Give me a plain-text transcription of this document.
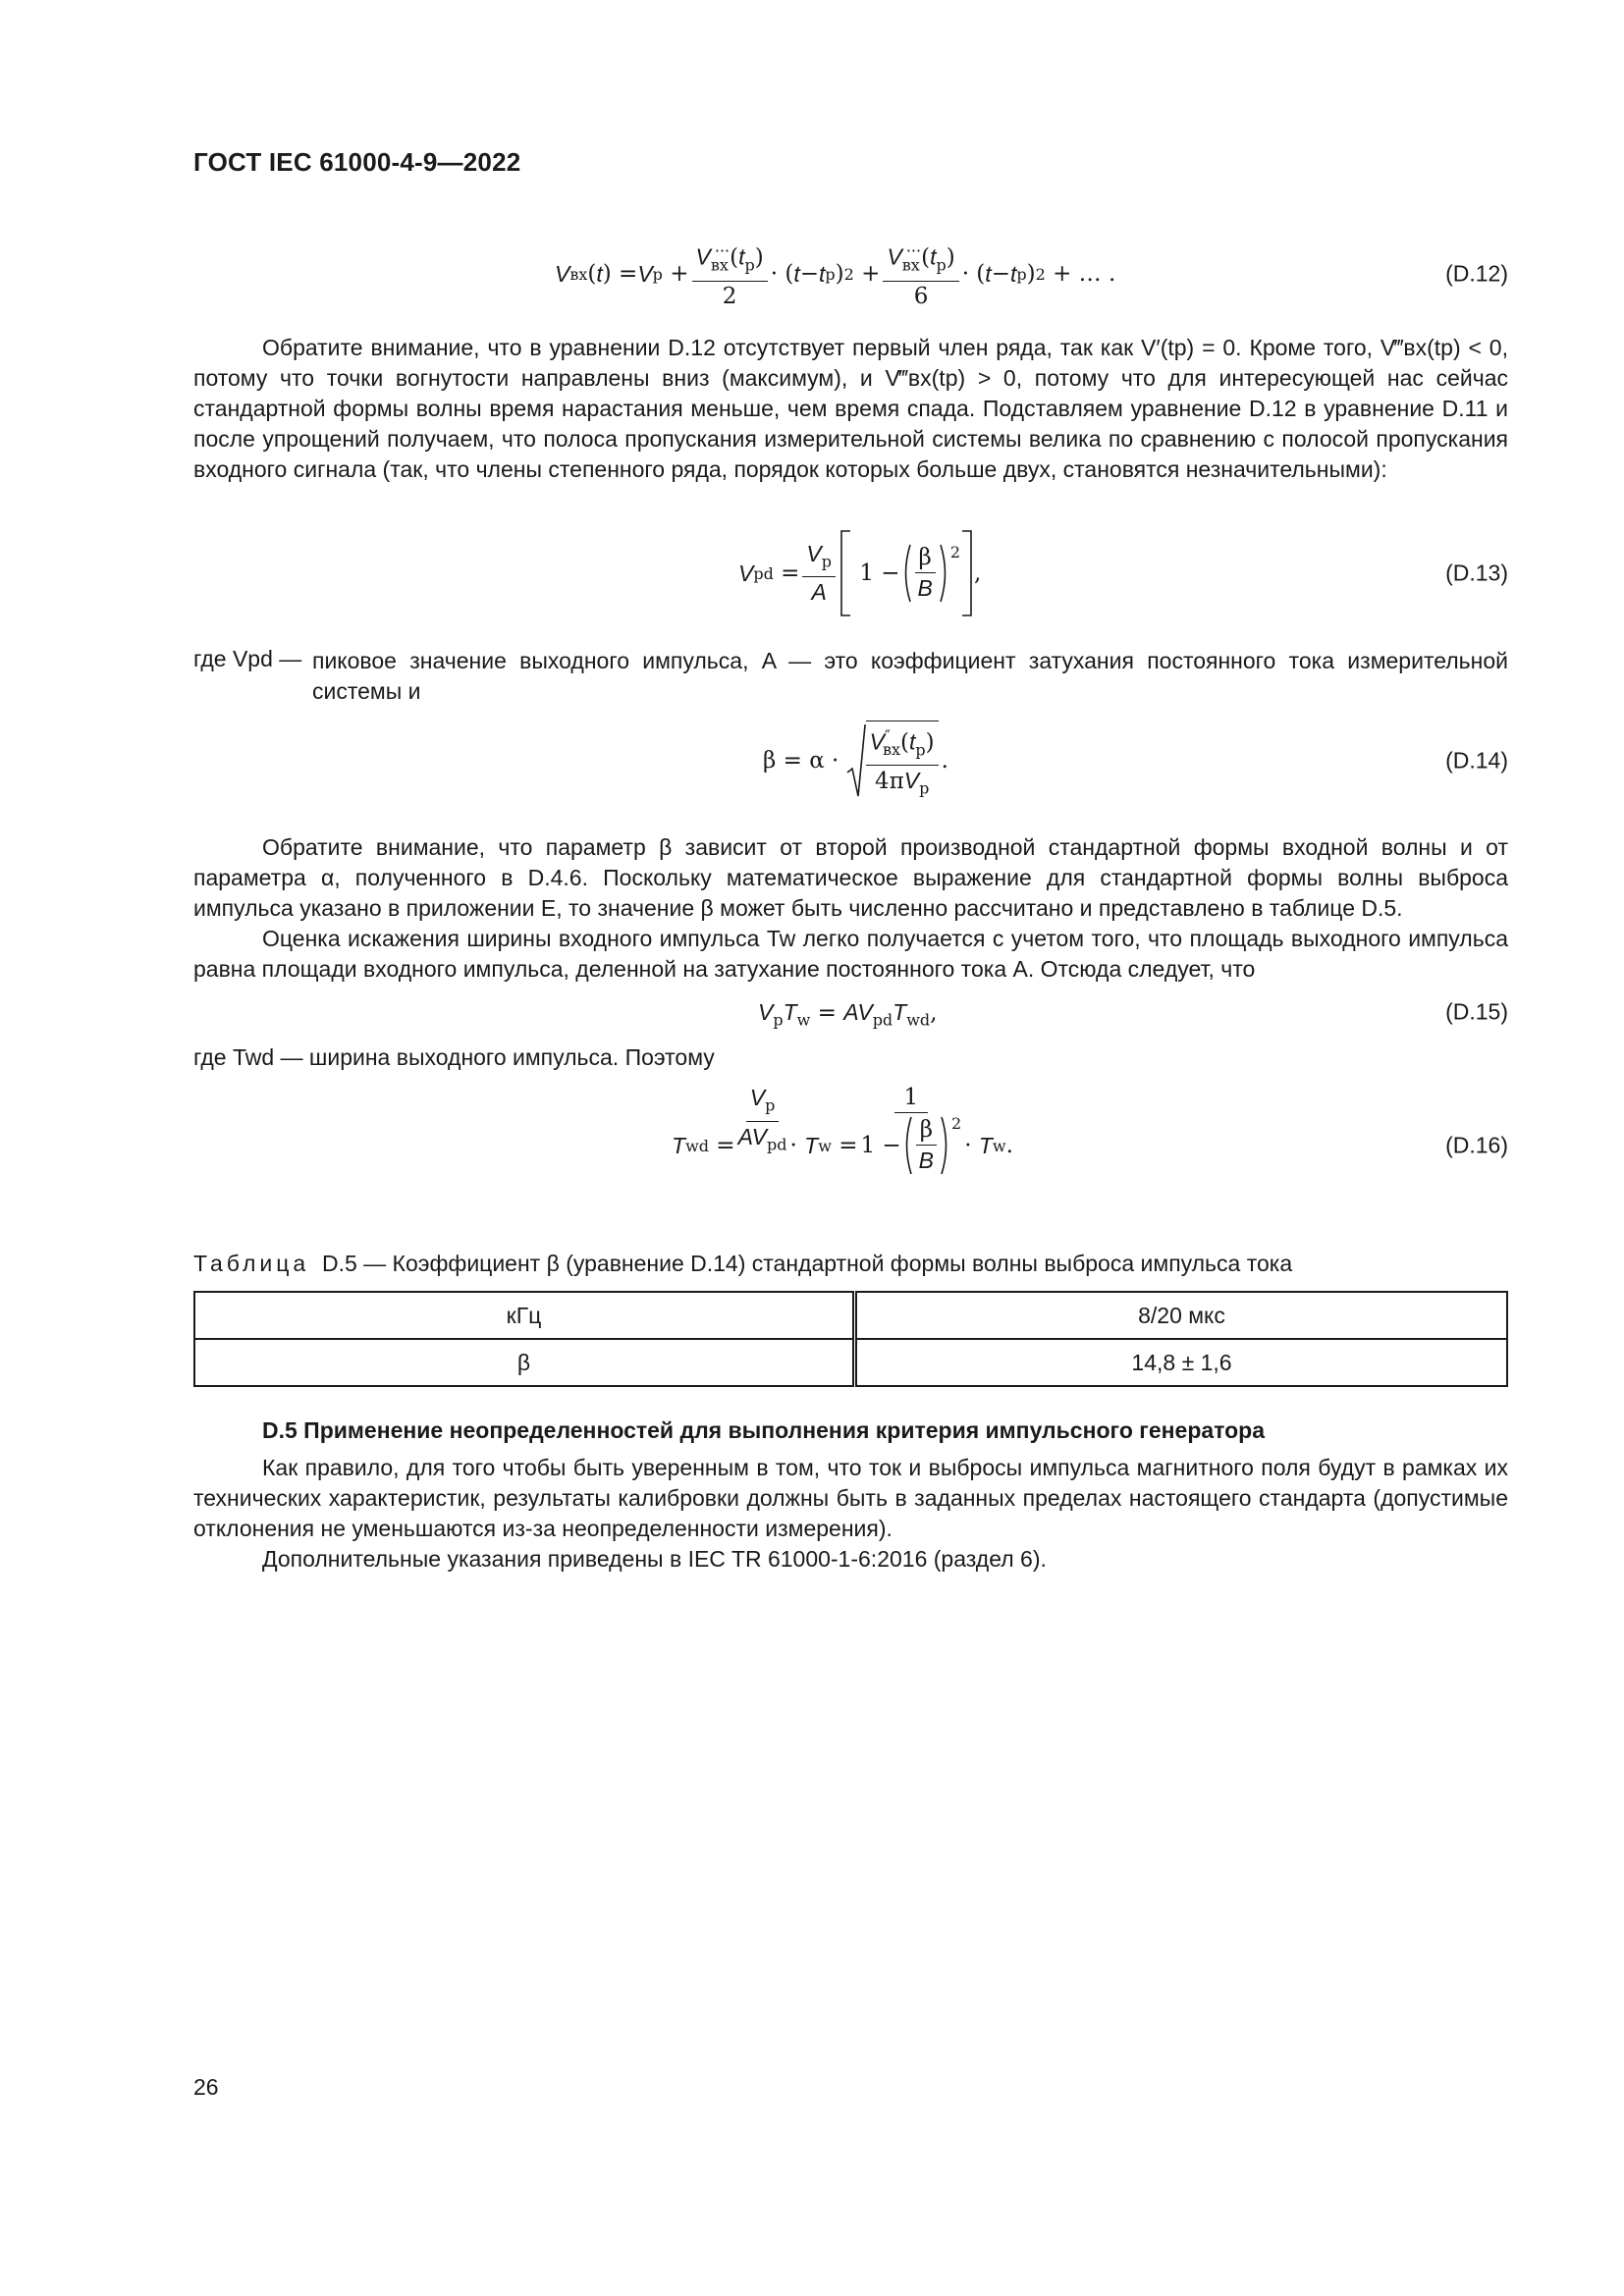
ГОСТ IEC 61000-4-9—2022
V вх ( t ) = V $p + \frac{V_{вх}^{\cdot\cdot\cdot}(t_p)}{2}$ · ( t − t p ) $2 + \frac{V_{вх}^{\cdot\cdot\cdot}(t_p)}{6}$ · ( t − t p ) 2 + … .	(D.12)

Обратите внимание, что в уравнении D.12 отсутствует первый член ряда, так как V′(tp) = 0. Кроме того, V‴вх(tp) < 0, потому что точки вогнутости направлены вниз (максимум), и V‴вх(tp) > 0, потому что для интересующей нас сейчас стандартной формы волны время нарастания меньше, чем время спада. Подставляем уравнение D.12 в уравнение D.11 и после упрощений получаем, что полоса пропускания измерительной системы велика по сравнению с полосой пропускания входного сигнала (так, что члены степенного ряда, порядок которых больше двух, становятся незначительными):

V pd = $\frac{V_p}{A} 1 - \frac{\beta}{B} ^2$
,	(D.13)
где Vpd — пиковое значение выходного импульса, A — это коэффициент затухания постоянного тока измерительной системы и

$\beta = \alpha \cdot \frac{V''_{вх}(t_p)}{4\pi V_p}$ .	(D.14)

Обратите внимание, что параметр β зависит от второй производной стандартной формы входной волны и от параметра α, полученного в D.4.6. Поскольку математическое выражение для стандартной формы волны выброса импульса указано в приложении E, то значение β может быть численно рассчитано и представлено в таблице D.5.

Оценка искажения ширины входного импульса Tw легко получается с учетом того, что площадь выходного импульса равна площади входного импульса, деленной на затухание постоянного тока A. Отсюда следует, что

$V_pT_w = AV_{pd}T_{wd}$,	(D.15)

где Twd — ширина выходного импульса. Поэтому

T wd = $\frac{V_p}{AV_{pd}} \cdot T$ $w = \frac{1}{1 - \frac{\beta}{B} ^2} \cdot T$ w .	(D.16)
Таблица D.5 — Коэффициент β (уравнение D.14) стандартной формы волны выброса импульса тока
кГц	8/20 мкс
β	14,8 ± 1,6
D.5 Применение неопределенностей для выполнения критерия импульсного генератора

Как правило, для того чтобы быть уверенным в том, что ток и выбросы импульса магнитного поля будут в рамках их технических характеристик, результаты калибровки должны быть в заданных пределах настоящего стандарта (допустимые отклонения не уменьшаются из-за неопределенности измерения).

Дополнительные указания приведены в IEC TR 61000-1-6:2016 (раздел 6).

26
